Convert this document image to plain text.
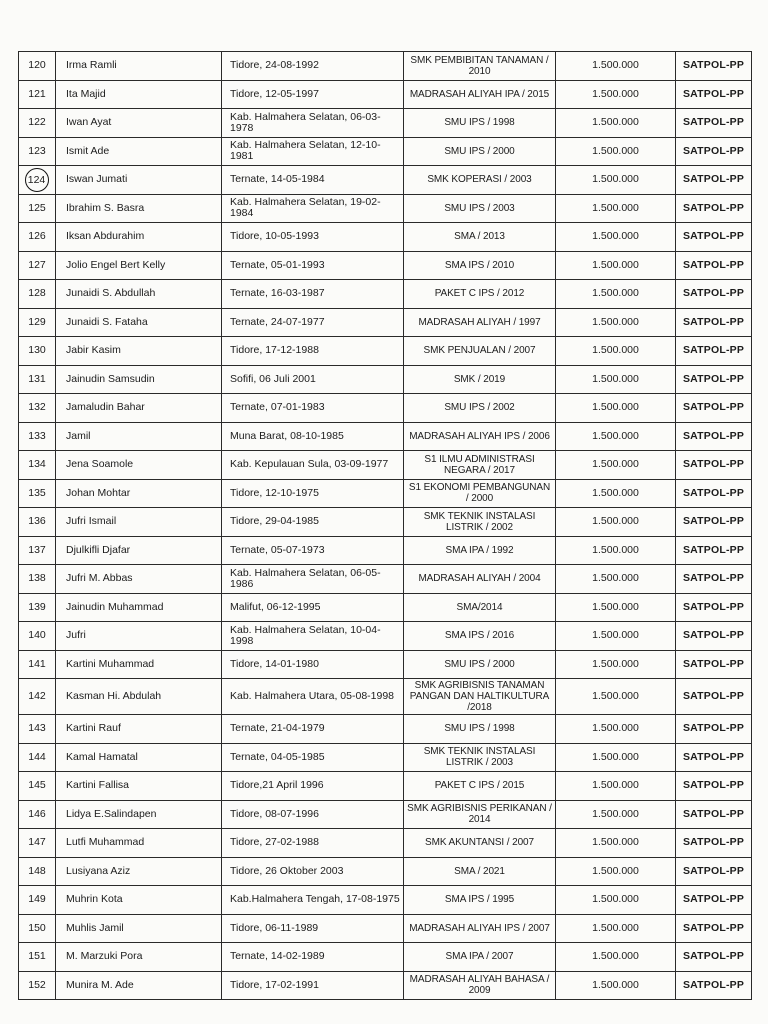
120	Irma Ramli	Tidore, 24-08-1992	SMK PEMBIBITAN TANAMAN / 2010	1.500.000	SATPOL-PP
121	Ita Majid	Tidore, 12-05-1997	MADRASAH ALIYAH IPA / 2015	1.500.000	SATPOL-PP
122	Iwan Ayat	Kab. Halmahera Selatan, 06-03-1978	SMU IPS / 1998	1.500.000	SATPOL-PP
123	Ismit Ade	Kab. Halmahera Selatan, 12-10-1981	SMU IPS / 2000	1.500.000	SATPOL-PP
124	Iswan Jumati	Ternate, 14-05-1984	SMK KOPERASI / 2003	1.500.000	SATPOL-PP
125	Ibrahim S. Basra	Kab. Halmahera Selatan, 19-02-1984	SMU IPS / 2003	1.500.000	SATPOL-PP
126	Iksan Abdurahim	Tidore, 10-05-1993	SMA / 2013	1.500.000	SATPOL-PP
127	Jolio Engel Bert Kelly	Ternate, 05-01-1993	SMA IPS / 2010	1.500.000	SATPOL-PP
128	Junaidi S. Abdullah	Ternate, 16-03-1987	PAKET C IPS / 2012	1.500.000	SATPOL-PP
129	Junaidi S. Fataha	Ternate, 24-07-1977	MADRASAH ALIYAH / 1997	1.500.000	SATPOL-PP
130	Jabir Kasim	Tidore, 17-12-1988	SMK PENJUALAN / 2007	1.500.000	SATPOL-PP
131	Jainudin Samsudin	Sofifi, 06 Juli 2001	SMK / 2019	1.500.000	SATPOL-PP
132	Jamaludin Bahar	Ternate, 07-01-1983	SMU IPS / 2002	1.500.000	SATPOL-PP
133	Jamil	Muna Barat, 08-10-1985	MADRASAH ALIYAH IPS / 2006	1.500.000	SATPOL-PP
134	Jena Soamole	Kab. Kepulauan Sula, 03-09-1977	S1 ILMU ADMINISTRASI NEGARA / 2017	1.500.000	SATPOL-PP
135	Johan Mohtar	Tidore, 12-10-1975	S1 EKONOMI PEMBANGUNAN / 2000	1.500.000	SATPOL-PP
136	Jufri Ismail	Tidore, 29-04-1985	SMK TEKNIK INSTALASI LISTRIK / 2002	1.500.000	SATPOL-PP
137	Djulkifli Djafar	Ternate, 05-07-1973	SMA IPA / 1992	1.500.000	SATPOL-PP
138	Jufri M. Abbas	Kab. Halmahera Selatan, 06-05-1986	MADRASAH ALIYAH / 2004	1.500.000	SATPOL-PP
139	Jainudin Muhammad	Malifut, 06-12-1995	SMA/2014	1.500.000	SATPOL-PP
140	Jufri	Kab. Halmahera Selatan, 10-04-1998	SMA IPS / 2016	1.500.000	SATPOL-PP
141	Kartini Muhammad	Tidore, 14-01-1980	SMU IPS / 2000	1.500.000	SATPOL-PP
142	Kasman Hi. Abdulah	Kab. Halmahera Utara, 05-08-1998	SMK AGRIBISNIS TANAMAN PANGAN DAN HALTIKULTURA /2018	1.500.000	SATPOL-PP
143	Kartini Rauf	Ternate, 21-04-1979	SMU IPS / 1998	1.500.000	SATPOL-PP
144	Kamal Hamatal	Ternate, 04-05-1985	SMK TEKNIK INSTALASI LISTRIK / 2003	1.500.000	SATPOL-PP
145	Kartini Fallisa	Tidore,21 April 1996	PAKET C IPS / 2015	1.500.000	SATPOL-PP
146	Lidya E.Salindapen	Tidore, 08-07-1996	SMK AGRIBISNIS PERIKANAN / 2014	1.500.000	SATPOL-PP
147	Lutfi Muhammad	Tidore, 27-02-1988	SMK AKUNTANSI / 2007	1.500.000	SATPOL-PP
148	Lusiyana Aziz	Tidore, 26 Oktober 2003	SMA / 2021	1.500.000	SATPOL-PP
149	Muhrin Kota	Kab.Halmahera Tengah, 17-08-1975	SMA IPS / 1995	1.500.000	SATPOL-PP
150	Muhlis Jamil	Tidore, 06-11-1989	MADRASAH ALIYAH IPS / 2007	1.500.000	SATPOL-PP
151	M. Marzuki Pora	Ternate, 14-02-1989	SMA IPA / 2007	1.500.000	SATPOL-PP
152	Munira M. Ade	Tidore, 17-02-1991	MADRASAH ALIYAH BAHASA / 2009	1.500.000	SATPOL-PP
